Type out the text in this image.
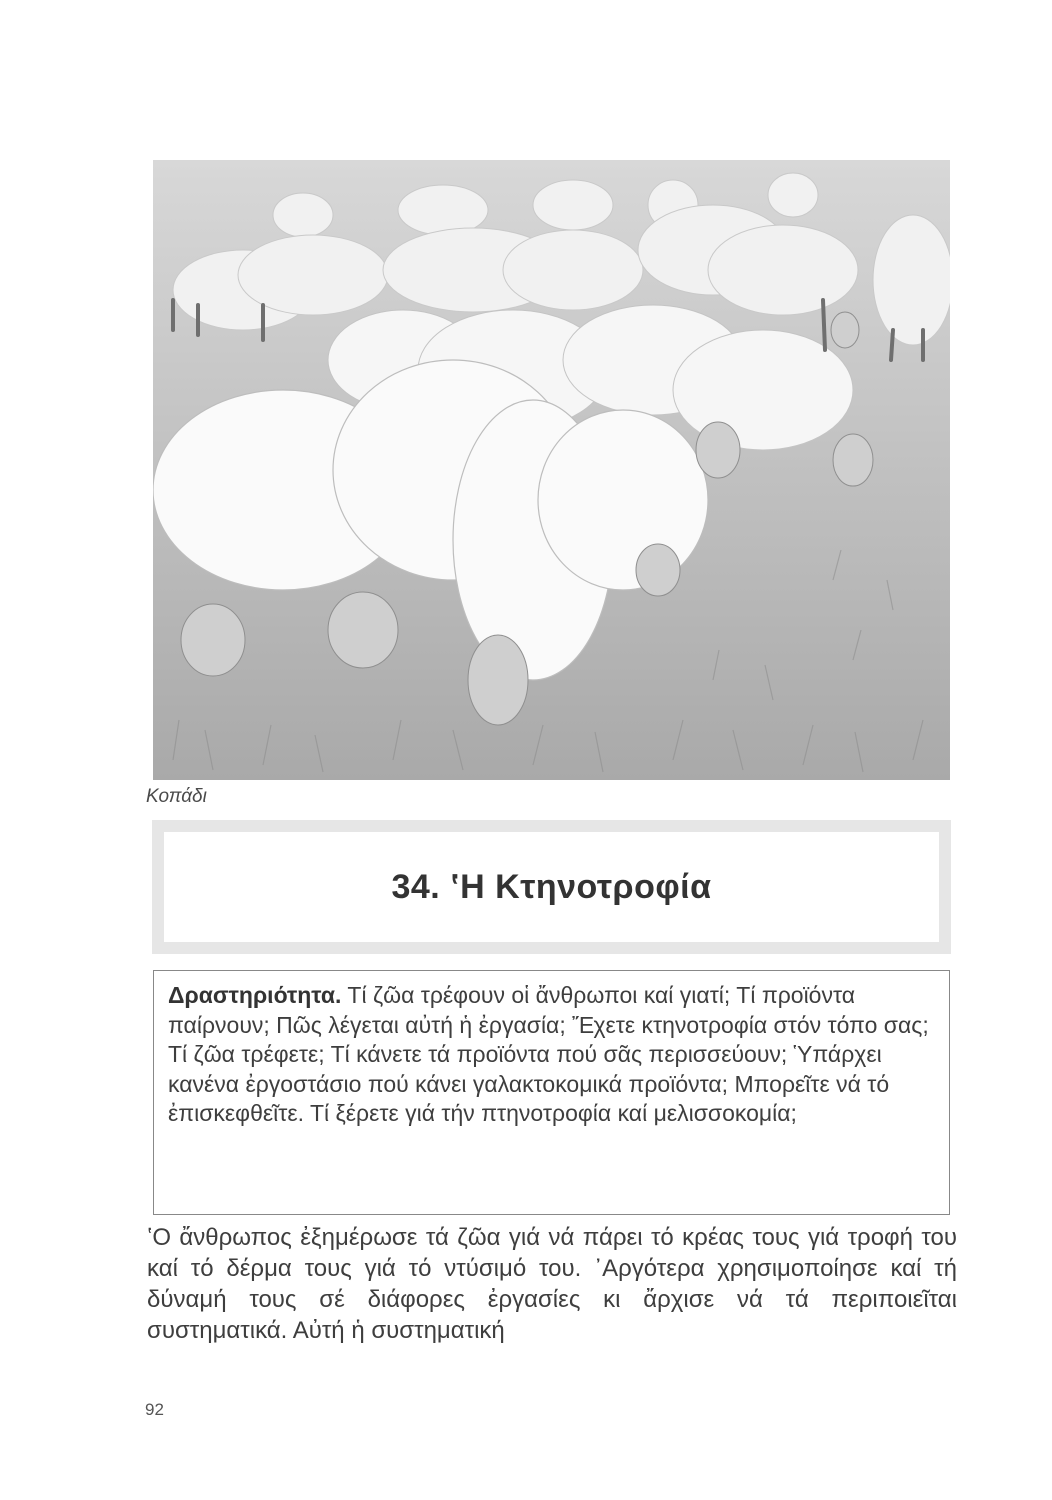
Κοπάδι
34. ʽΗ Κτηνοτροφία
Δραστηριότητα. Τί ζῶα τρέφουν οἱ ἄνθρωποι καί γιατί; Τί προϊόντα παίρνουν; Πῶς λέγεται αὐτή ἡ ἐργασία; Ἔχετε κτηνοτροφία στόν τόπο σας; Τί ζῶα τρέφετε; Τί κάνετε τά προϊόντα πού σᾶς περισσεύουν; Ὑπάρχει κανένα ἐργοστάσιο πού κάνει γαλακτοκομικά προϊόντα; Μπορεῖτε νά τό ἐπισκεφθεῖτε. Τί ξέρετε γιά τήν πτηνοτροφία καί μελισσοκομία;
ʽΟ ἄνθρωπος ἐξημέρωσε τά ζῶα γιά νά πάρει τό κρέας τους γιά τροφή του καί τό δέρμα τους γιά τό ντύσιμό του. ᾿Αργότερα χρησιμοποίησε καί τή δύναμή τους σέ διάφορες ἐργασίες κι ἄρχισε νά τά περιποιεῖται συστηματικά. Αὐτή ἡ συστηματική
92
